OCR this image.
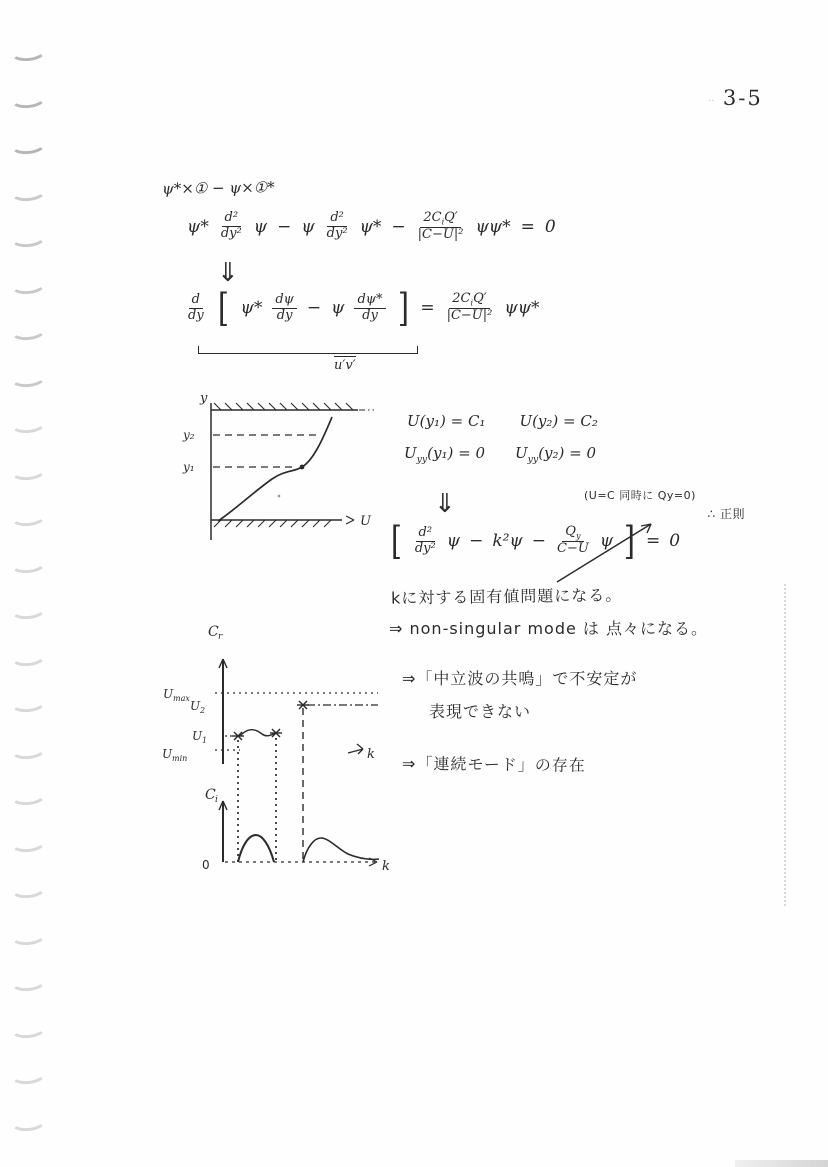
‥ 3-5
ψ*×① − ψ×①*
$\psi* \frac{\text{d²}}{\text{dy²}}$ ψ − ψ $\frac{\text{d²}}{\text{dy²}} \psi* - \frac{2C_iQ'}{\text{|C−U|²}} \psi\psi* = 0$
⇓
$\frac{d}{dy}$ [ $\psi* \frac{d\psi}{dy} - \psi \frac{d\psi*}{dy}$ ] = $\frac{2C_iQ'}{\text{|C−U|²}} \psi\psi*$
u′v′
y
y₂
y₁
U
U(y₁) = C₁ U(y₂) = C₂
$U_{yy}(y_1) = 0$ $U_{yy}(y_2) = 0$
⇓	(U=C 同時に Qy=0)
∴ 正則
[ $\frac{\text{d²}}{\text{dy²}}$ $\psi - k^2\psi - \frac{Q_y}{C-U}$ ψ ] = 0
kに対する固有値問題になる。
⇒ non-singular mode は 点々になる。
C r
U max
U 2
U 1
U min	k
C i
0	k
⇒「中立波の共鳴」で不安定が
表現できない
⇒「連続モード」の存在
